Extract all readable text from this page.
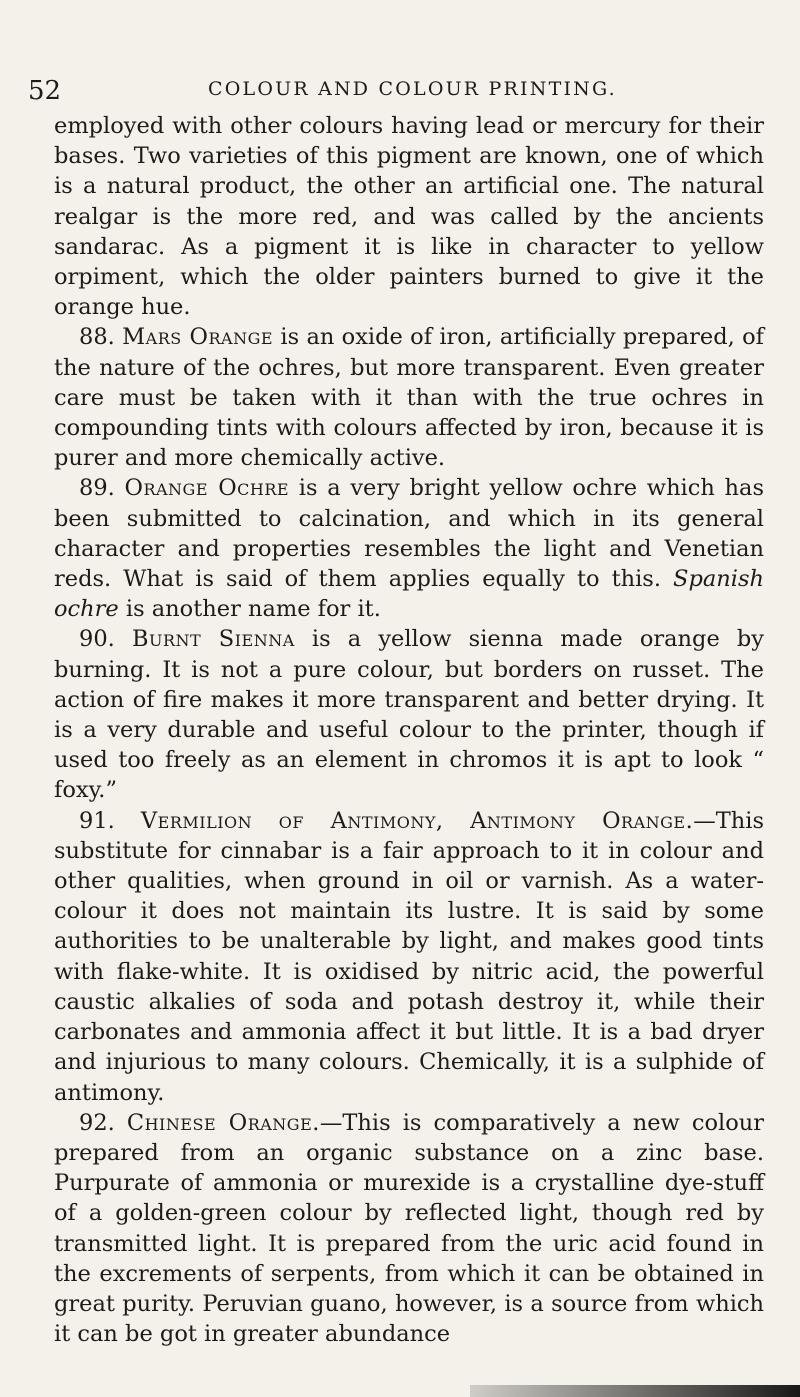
52	COLOUR AND COLOUR PRINTING.

employed with other colours having lead or mercury for their bases. Two varieties of this pigment are known, one of which is a natural product, the other an artificial one. The natural realgar is the more red, and was called by the ancients sandarac. As a pigment it is like in character to yellow orpiment, which the older painters burned to give it the orange hue.

88. Mars Orange is an oxide of iron, artificially prepared, of the nature of the ochres, but more transparent. Even greater care must be taken with it than with the true ochres in compounding tints with colours affected by iron, because it is purer and more chemically active.

89. Orange Ochre is a very bright yellow ochre which has been submitted to calcination, and which in its general character and properties resembles the light and Venetian reds. What is said of them applies equally to this. Spanish ochre is another name for it.

90. Burnt Sienna is a yellow sienna made orange by burning. It is not a pure colour, but borders on russet. The action of fire makes it more transparent and better drying. It is a very durable and useful colour to the printer, though if used too freely as an element in chromos it is apt to look “ foxy.”

91. Vermilion of Antimony, Antimony Orange.—This substitute for cinnabar is a fair approach to it in colour and other qualities, when ground in oil or varnish. As a water-colour it does not maintain its lustre. It is said by some authorities to be unalterable by light, and makes good tints with flake-white. It is oxidised by nitric acid, the powerful caustic alkalies of soda and potash destroy it, while their carbonates and ammonia affect it but little. It is a bad dryer and injurious to many colours. Chemically, it is a sulphide of antimony.

92. Chinese Orange.—This is comparatively a new colour prepared from an organic substance on a zinc base. Purpurate of ammonia or murexide is a crystalline dye-stuff of a golden-green colour by reflected light, though red by transmitted light. It is prepared from the uric acid found in the excrements of serpents, from which it can be obtained in great purity. Peruvian guano, however, is a source from which it can be got in greater abundance
